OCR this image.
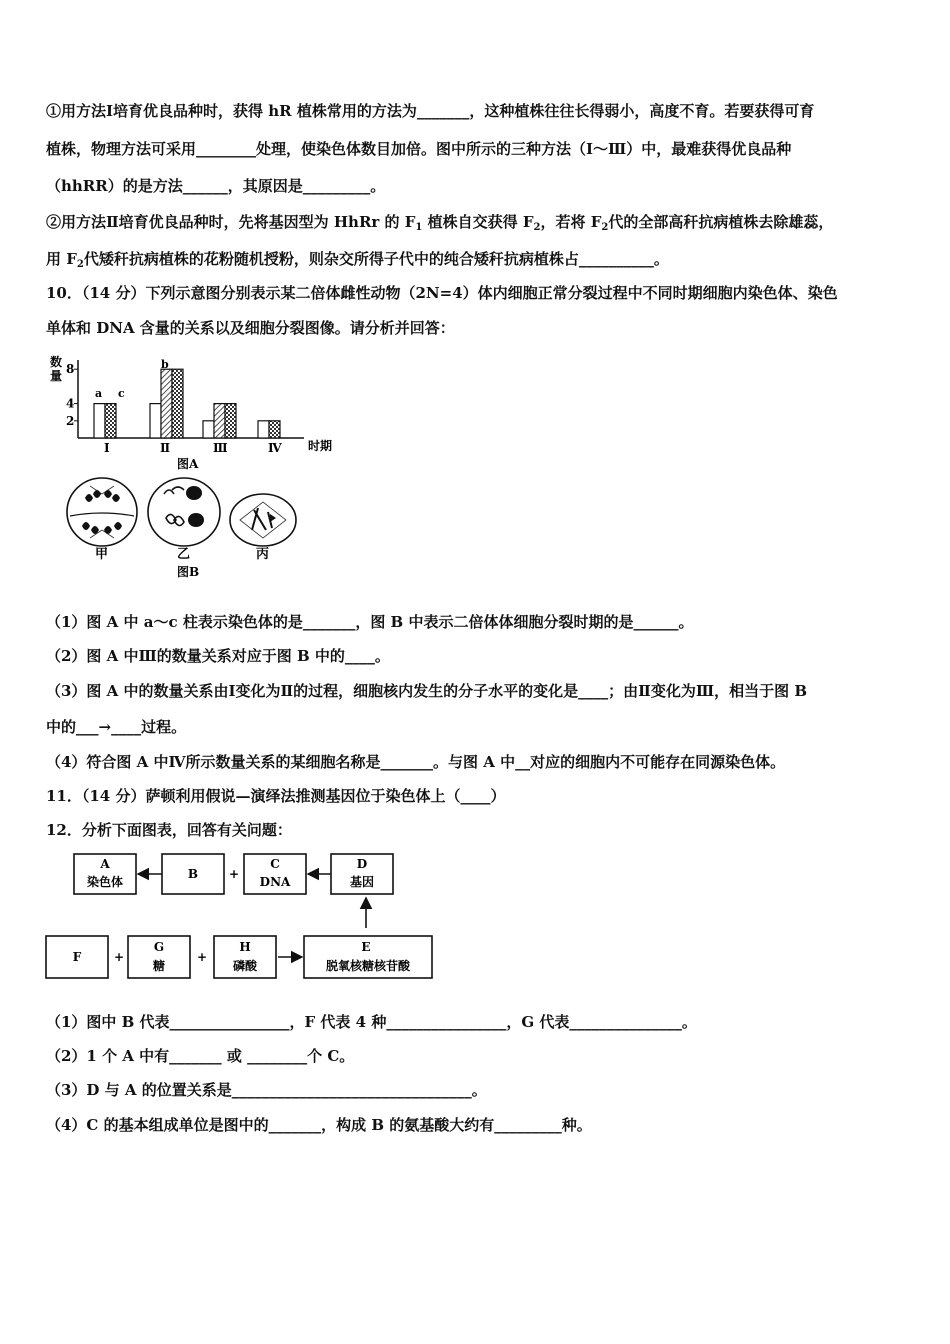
①用方法Ⅰ培育优良品种时，获得 hR 植株常用的方法为_______，这种植株往往长得弱小，高度不育。若要获得可育
植株，物理方法可采用________处理，使染色体数目加倍。图中所示的三种方法（Ⅰ～Ⅲ）中，最难获得优良品种
（hhRR）的是方法______，其原因是_________。
②用方法Ⅱ培育优良品种时，先将基因型为 HhRr 的 $F_1$ 植株自交获得 $F_2$，若将 $F_2$代的全部高秆抗病植株去除雄蕊，
用 $F_2$代矮秆抗病植株的花粉随机授粉，则杂交所得子代中的纯合矮秆抗病植株占__________。
10．（14 分）下列示意图分别表示某二倍体雌性动物（2N=4）体内细胞正常分裂过程中不同时期细胞内染色体、染色
单体和 DNA 含量的关系以及细胞分裂图像。请分析并回答：
数
量 8
4
2
a c
b
Ⅰ	Ⅱ	Ⅲ	Ⅳ 时期
图A
甲	乙	丙
图B
（1）图 A 中 a～c 柱表示染色体的是_______，图 B 中表示二倍体体细胞分裂时期的是______。
（2）图 A 中Ⅲ的数量关系对应于图 B 中的____。
（3）图 A 中的数量关系由Ⅰ变化为Ⅱ的过程，细胞核内发生的分子水平的变化是____；由Ⅱ变化为Ⅲ，相当于图 B
中的___→____过程。
（4）符合图 A 中Ⅳ所示数量关系的某细胞名称是_______。与图 A 中__对应的细胞内不可能存在同源染色体。
11．（14 分）萨顿利用假说—演绎法推测基因位于染色体上（____）
12．分析下面图表，回答有关问题：
A
染色体
B	+
C
DNA
D
基因
F	+
G
糖
+
H
磷酸
E
脱氧核糖核苷酸
（1）图中 B 代表________________，F 代表 4 种________________，G 代表_______________。
（2）1 个 A 中有_______ 或 ________个 C。
（3）D 与 A 的位置关系是________________________________。
（4）C 的基本组成单位是图中的_______，构成 B 的氨基酸大约有_________种。
